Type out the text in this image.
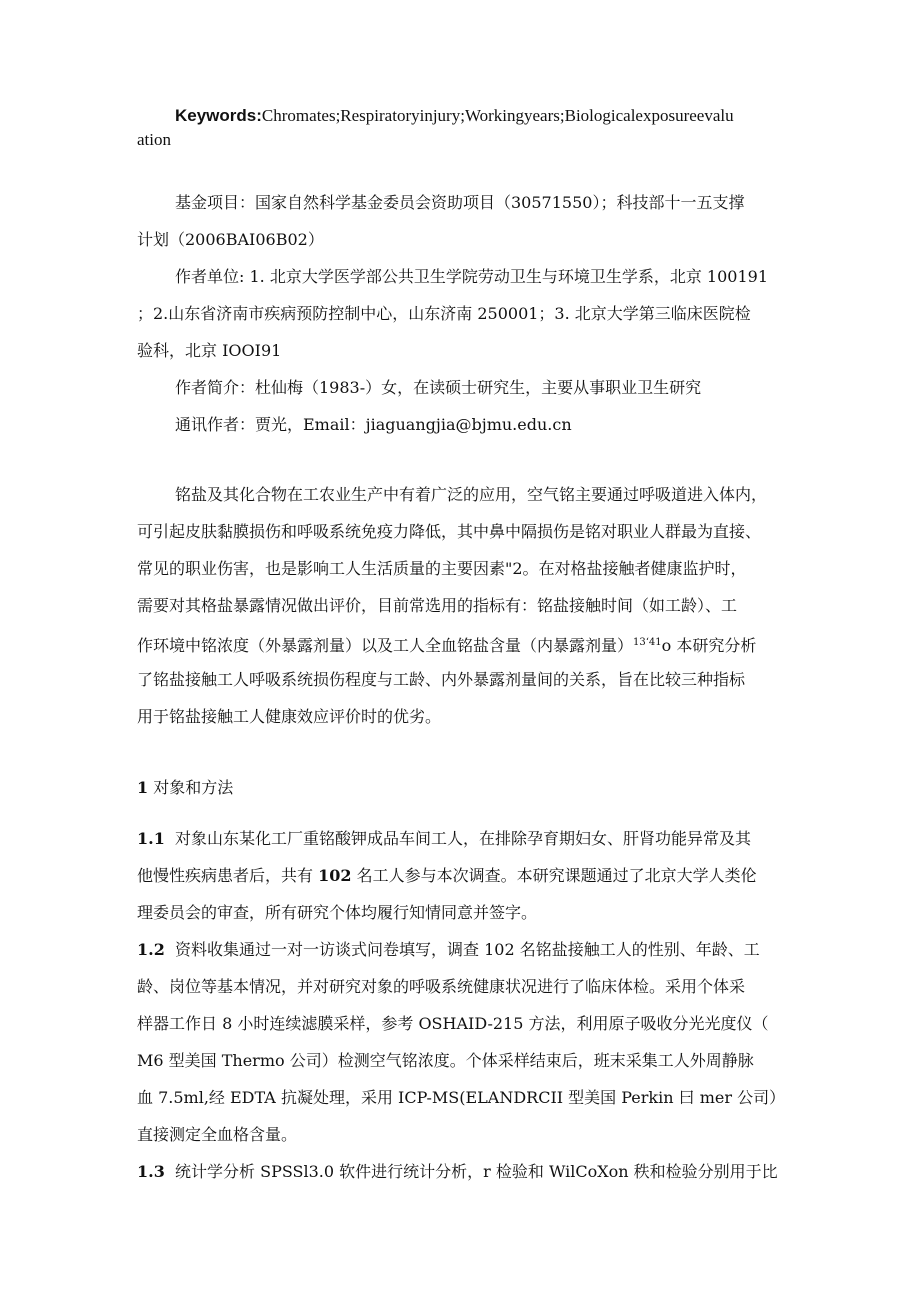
Keywords:Chromates;Respiratoryinjury;Workingyears;Biologicalexposureevalu
ation
基金项目：国家自然科学基金委员会资助项目（30571550）；科技部十一五支撑
计划（2006BAI06B02）
作者单位: 1. 北京大学医学部公共卫生学院劳动卫生与环境卫生学系，北京 100191
；2.山东省济南市疾病预防控制中心，山东济南 250001；3. 北京大学第三临床医院检
验科，北京 IOOI91
作者简介：杜仙梅（1983-）女，在读硕士研究生，主要从事职业卫生研究
通讯作者：贾光，Email：jiaguangjia@bjmu.edu.cn
铭盐及其化合物在工农业生产中有着广泛的应用，空气铭主要通过呼吸道进入体内，
可引起皮肤黏膜损伤和呼吸系统免疫力降低，其中鼻中隔损伤是铭对职业人群最为直接、
常见的职业伤害，也是影响工人生活质量的主要因素"2。在对格盐接触者健康监护时，
需要对其格盐暴露情况做出评价，目前常选用的指标有：铭盐接触时间（如工龄）、工
作环境中铭浓度（外暴露剂量）以及工人全血铭盐含量（内暴露剂量）$^{13‘41}$o 本研究分析
了铭盐接触工人呼吸系统损伤程度与工龄、内外暴露剂量间的关系，旨在比较三种指标
用于铭盐接触工人健康效应评价时的优劣。
1 对象和方法
1.1 对象山东某化工厂重铭酸钾成品车间工人，在排除孕育期妇女、肝肾功能异常及其
他慢性疾病患者后，共有 102 名工人参与本次调查。本研究课题通过了北京大学人类伦
理委员会的审查，所有研究个体均履行知情同意并签字。
1.2 资料收集通过一对一访谈式问卷填写，调查 102 名铭盐接触工人的性别、年龄、工
龄、岗位等基本情况，并对研究对象的呼吸系统健康状况进行了临床体检。采用个体采
样器工作日 8 小时连续滤膜采样，参考 OSHAID-215 方法，利用原子吸收分光光度仪（
M6 型美国 Thermo 公司）检测空气铭浓度。个体采样结束后，班末采集工人外周静脉
血 7.5ml,经 EDTA 抗凝处理，采用 ICP-MS(ELANDRCII 型美国 Perkin 曰 mer 公司）
直接测定全血格含量。
1.3 统计学分析 SPSSl3.0 软件进行统计分析，r 检验和 WilCoXon 秩和检验分别用于比
